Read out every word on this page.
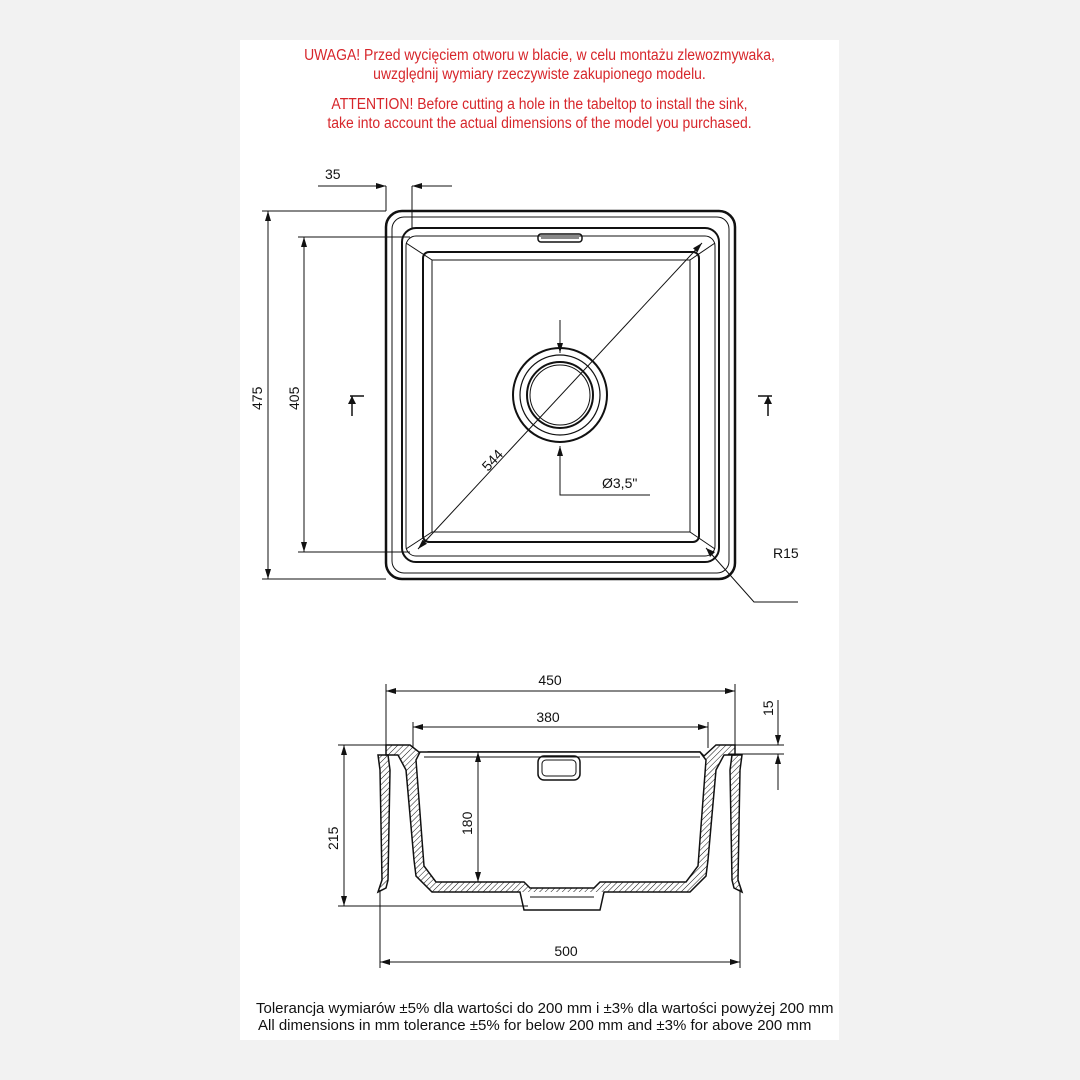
UWAGA! Przed wycięciem otworu w blacie, w celu montażu zlewozmywaka,

uwzględnij wymiary rzeczywiste zakupionego modelu.

ATTENTION! Before cutting a hole in the tabeltop to install the sink,

take into account the actual dimensions of the model you purchased.

Ø3,5"
544
35
475 405
R15
450
380
15
180
215
500
Tolerancja wymiarów ±5% dla wartości do 200 mm i ±3% dla wartości powyżej 200 mm
All dimensions in mm tolerance ±5% for below 200 mm and ±3% for above 200 mm
